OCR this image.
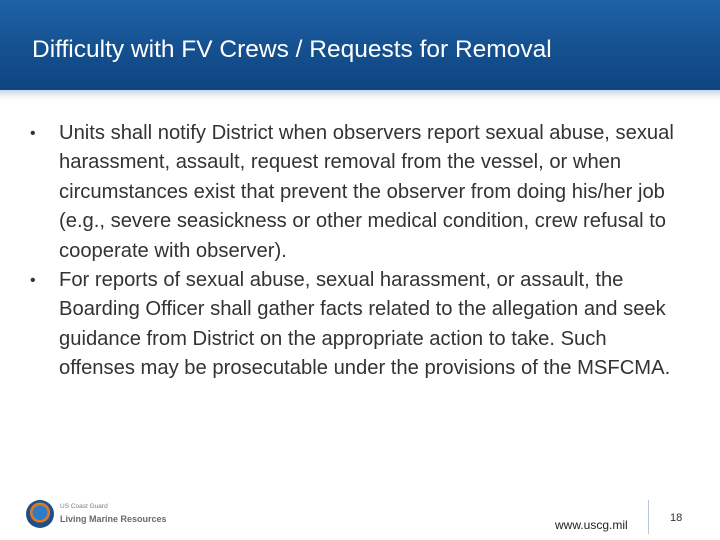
Difficulty with FV Crews / Requests for Removal
•	Units shall notify District when observers report sexual abuse, sexual harassment, assault, request removal from the vessel, or when circumstances exist that prevent the observer from doing his/her job (e.g., severe seasickness or other medical condition, crew refusal to cooperate with observer).
•	For reports of sexual abuse, sexual harassment, or assault, the Boarding Officer shall gather facts related to the allegation and seek guidance from District on the appropriate action to take. Such offenses may be prosecutable under the provisions of the MSFCMA.
US Coast Guard
Living Marine Resources	www.uscg.mil	18
